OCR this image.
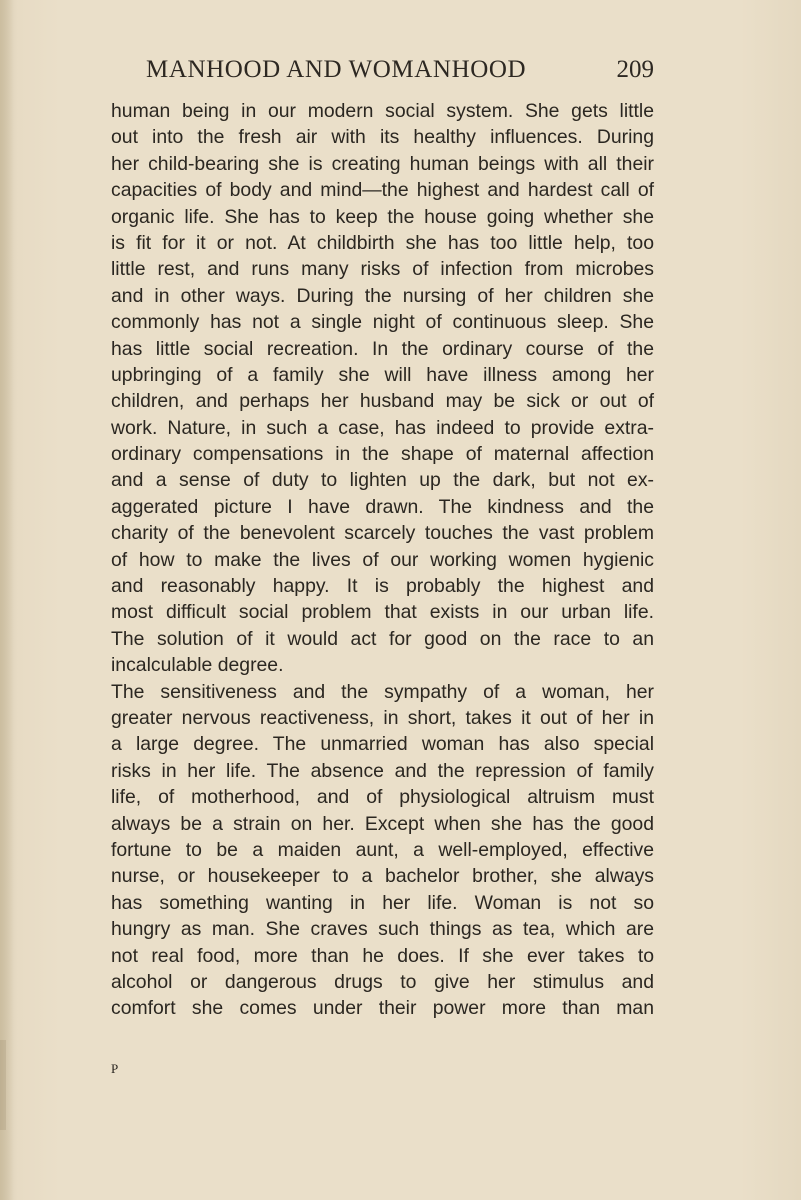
MANHOOD AND WOMANHOOD	209
human being in our modern social system. She gets little
out into the fresh air with its healthy influences. During
her child-bearing she is creating human beings with all their
capacities of body and mind—the highest and hardest call of
organic life. She has to keep the house going whether she
is fit for it or not. At childbirth she has too little help, too
little rest, and runs many risks of infection from microbes
and in other ways. During the nursing of her children she
commonly has not a single night of continuous sleep. She
has little social recreation. In the ordinary course of the
upbringing of a family she will have illness among her
children, and perhaps her husband may be sick or out of
work. Nature, in such a case, has indeed to provide extra-
ordinary compensations in the shape of maternal affection
and a sense of duty to lighten up the dark, but not ex-
aggerated picture I have drawn. The kindness and the
charity of the benevolent scarcely touches the vast problem
of how to make the lives of our working women hygienic
and reasonably happy. It is probably the highest and
most difficult social problem that exists in our urban life.
The solution of it would act for good on the race to an
incalculable degree.
The sensitiveness and the sympathy of a woman, her
greater nervous reactiveness, in short, takes it out of her in
a large degree. The unmarried woman has also special
risks in her life. The absence and the repression of family
life, of motherhood, and of physiological altruism must
always be a strain on her. Except when she has the good
fortune to be a maiden aunt, a well-employed, effective
nurse, or housekeeper to a bachelor brother, she always
has something wanting in her life. Woman is not so
hungry as man. She craves such things as tea, which are
not real food, more than he does. If she ever takes to
alcohol or dangerous drugs to give her stimulus and
comfort she comes under their power more than man
P
